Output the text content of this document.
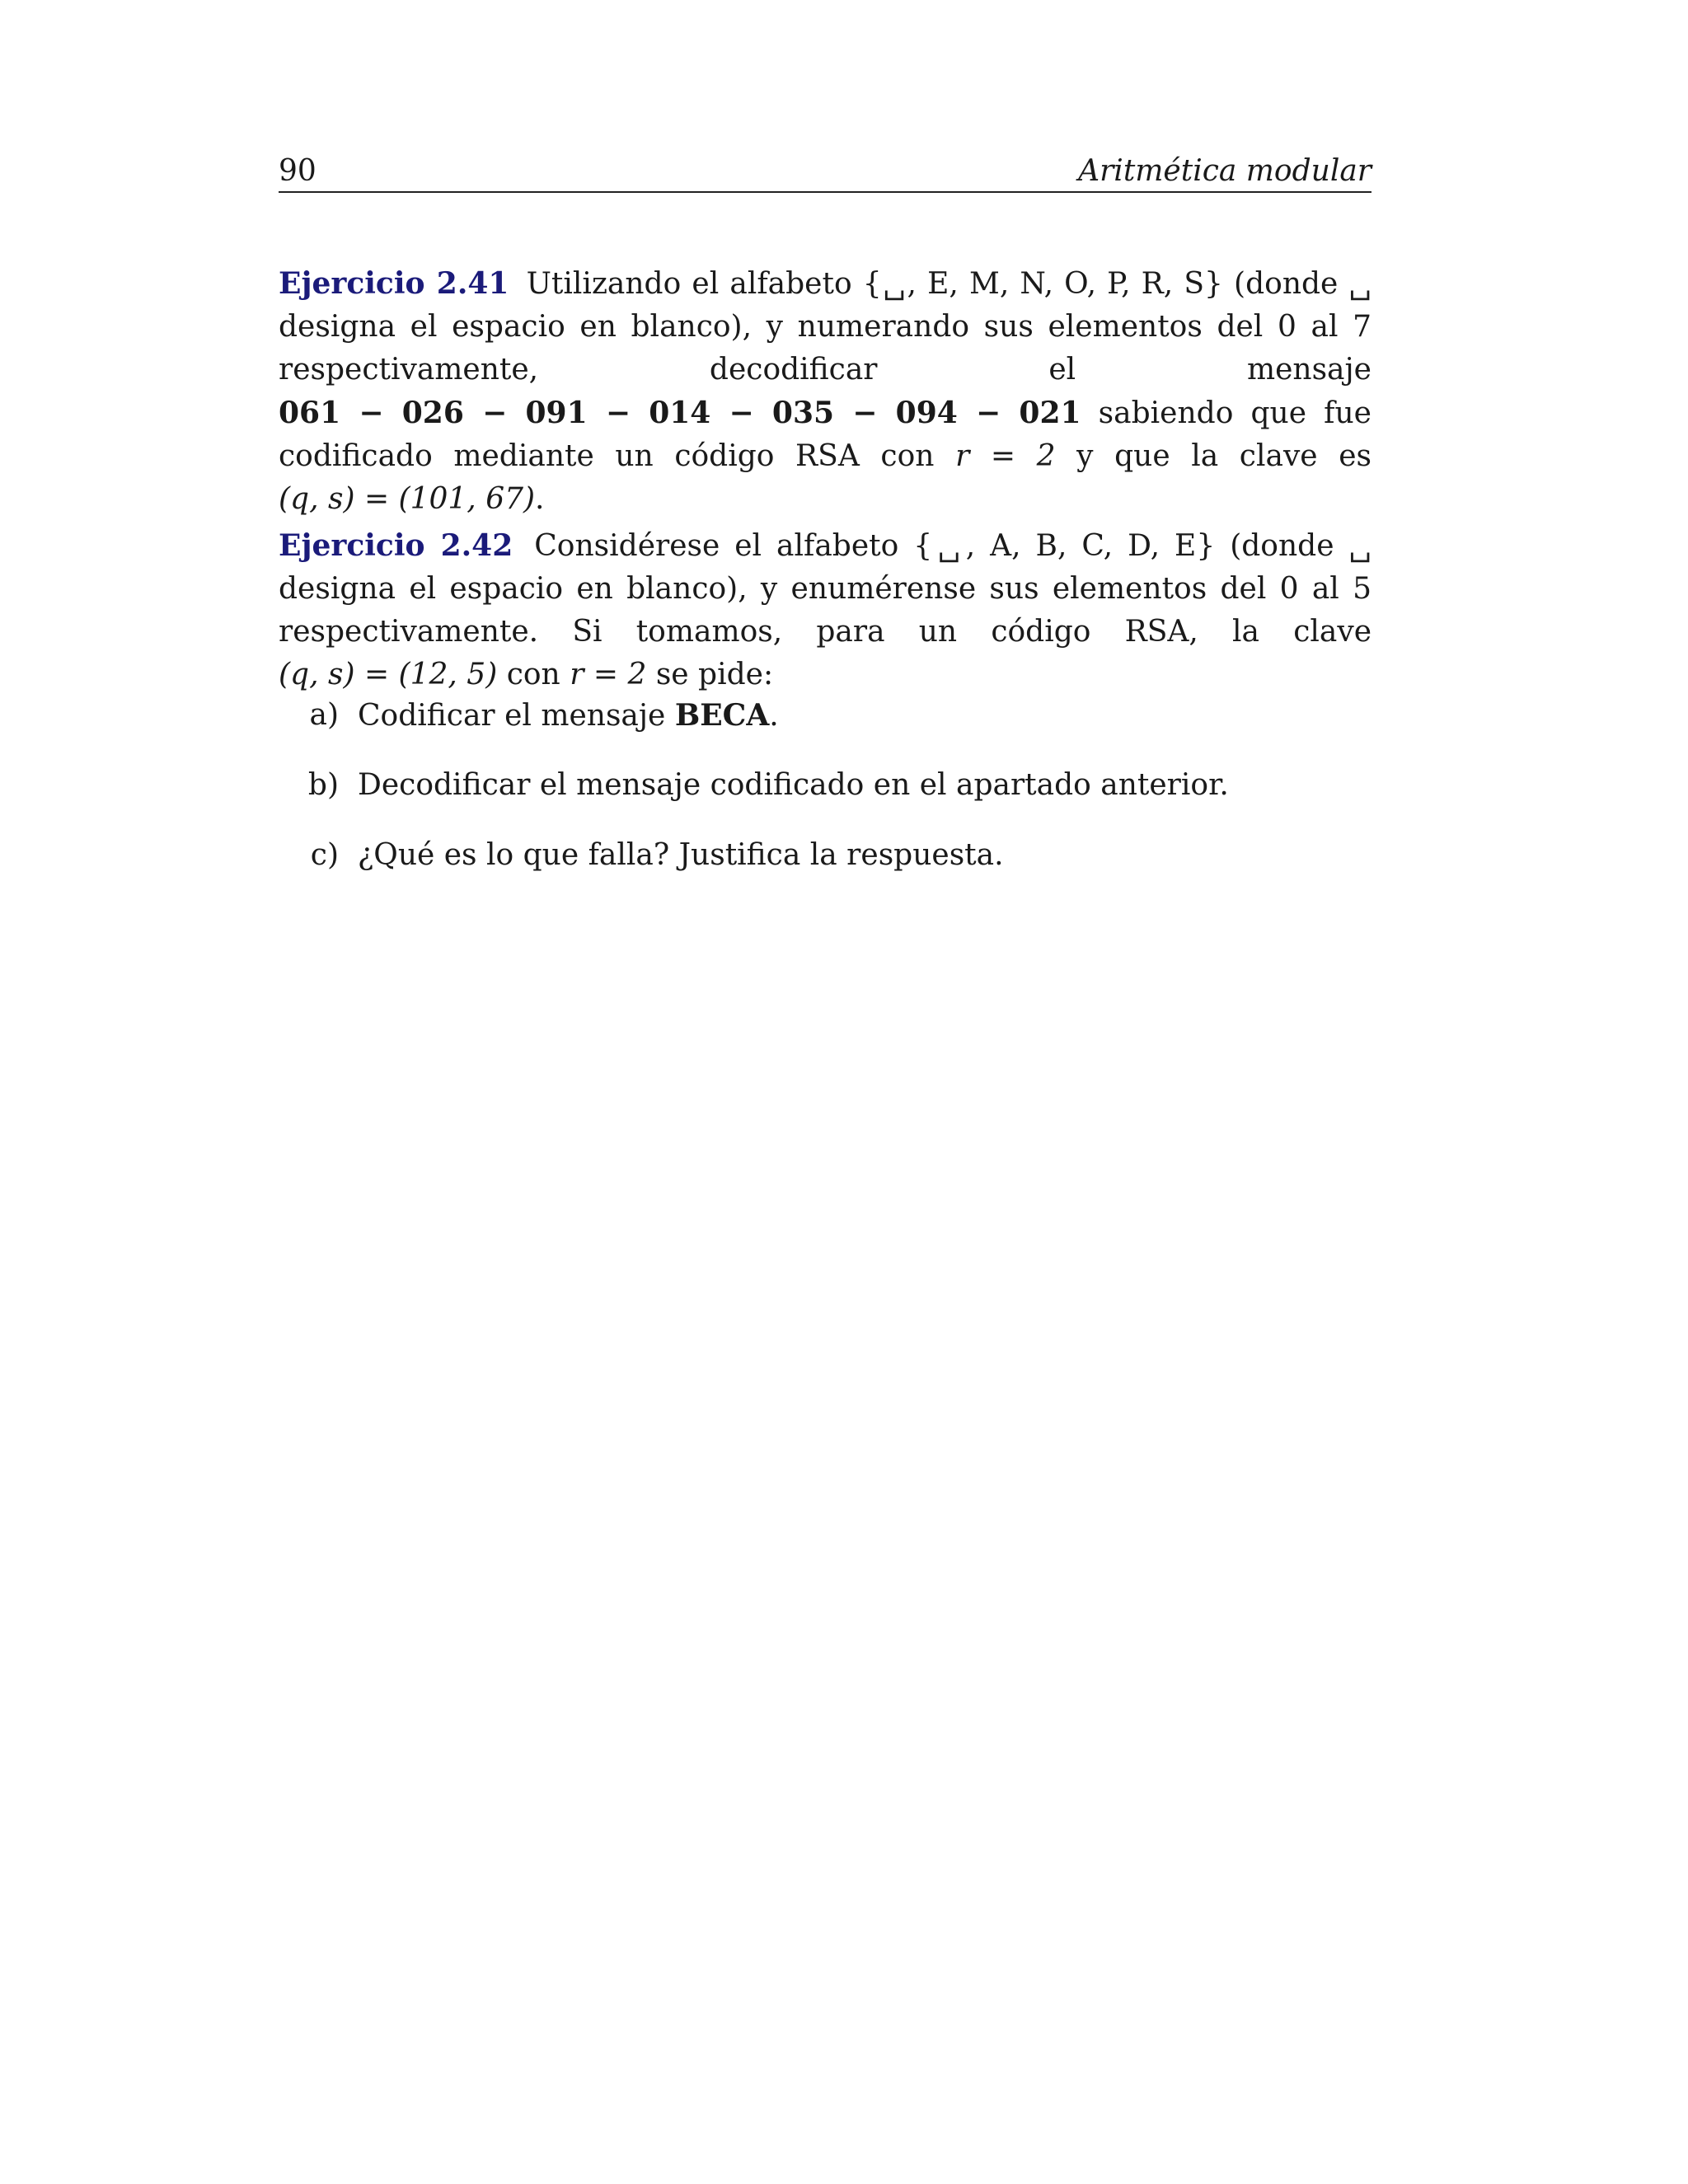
90	Aritmética modular

Ejercicio 2.41 Utilizando el alfabeto {␣, E, M, N, O, P, R, S} (donde ␣ designa el espacio en blanco), y numerando sus elementos del 0 al 7 respectivamente, decodificar el mensaje 061 − 026 − 091 − 014 − 035 − 094 − 021 sabiendo que fue codificado mediante un código RSA con r = 2 y que la clave es (q, s) = (101, 67).

Ejercicio 2.42 Considérese el alfabeto {␣, A, B, C, D, E} (donde ␣ designa el espacio en blanco), y enumérense sus elementos del 0 al 5 respectivamente. Si tomamos, para un código RSA, la clave (q, s) = (12, 5) con r = 2 se pide:

a) Codificar el mensaje BECA.
b) Decodificar el mensaje codificado en el apartado anterior.
c) ¿Qué es lo que falla? Justifica la respuesta.
